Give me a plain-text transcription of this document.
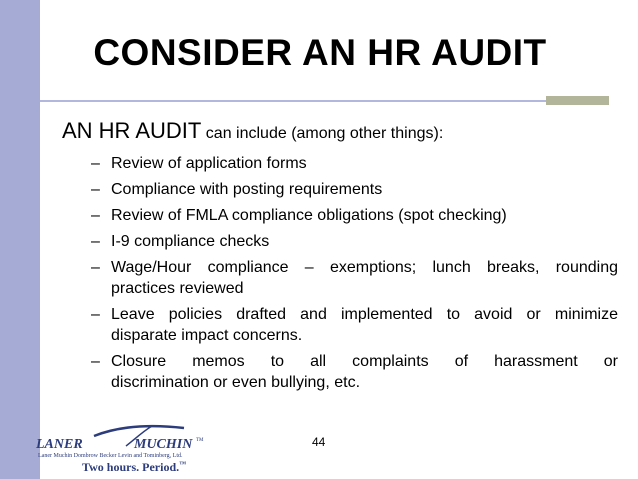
CONSIDER AN HR AUDIT

AN HR AUDIT can include (among other things):

– Review of application forms
– Compliance with posting requirements
– Review of FMLA compliance obligations (spot checking)
– I-9 compliance checks
– Wage/Hour compliance – exemptions; lunch breaks, rounding
practices reviewed
– Leave policies drafted and implemented to avoid or minimize
disparate impact concerns.
– Closure memos to all complaints of harassment or
discrimination or even bullying, etc.
LANER	MUCHIN TM
Laner Muchin Dombrow Becker Levin and Tominberg, Ltd.
Two hours. Period.™
44
